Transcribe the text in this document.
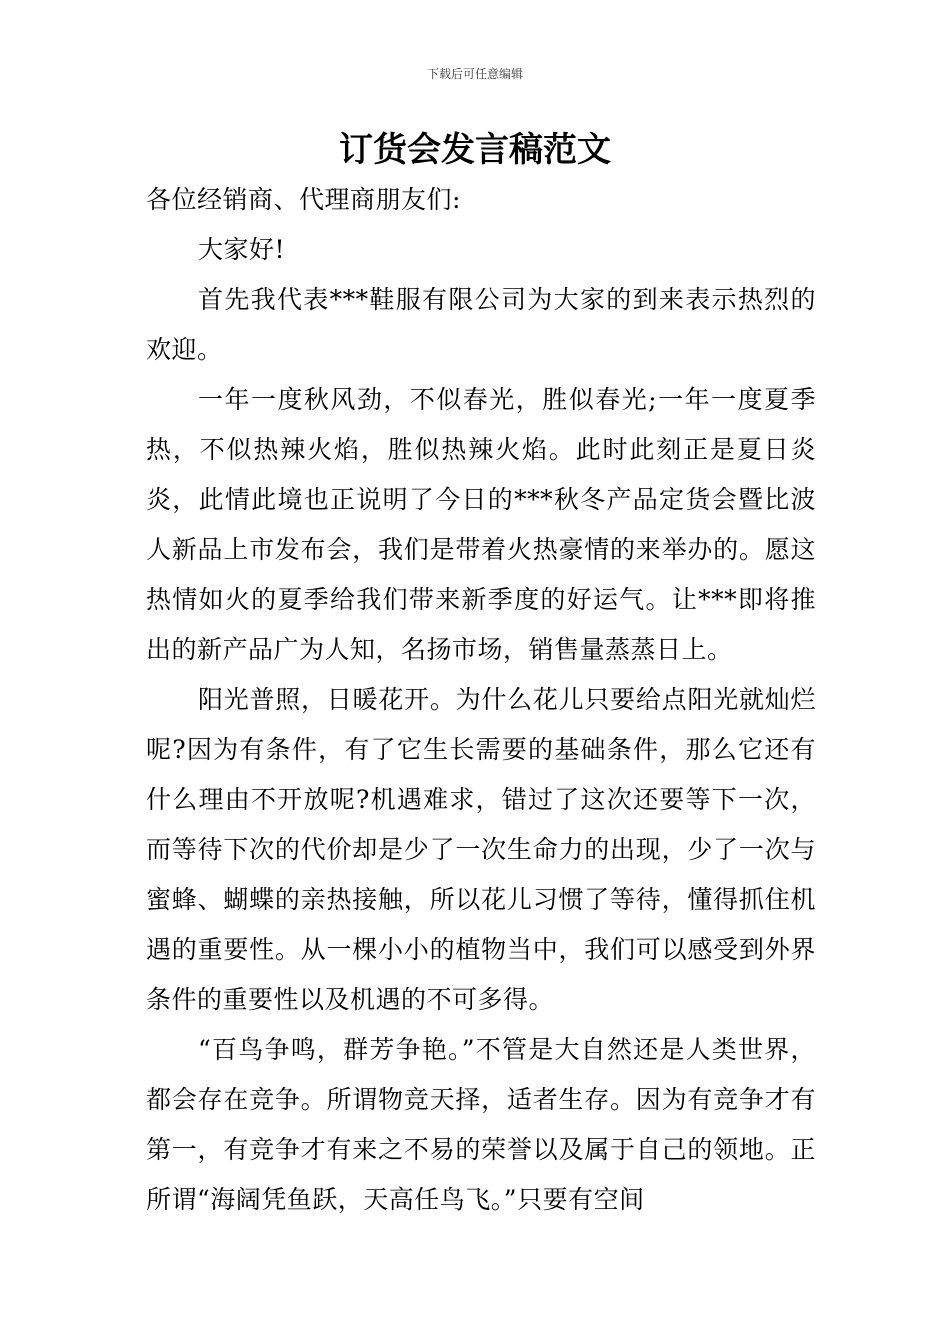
下载后可任意编辑
订货会发言稿范文

各位经销商、代理商朋友们:

大家好!

首先我代表***鞋服有限公司为大家的到来表示热烈的欢迎。

一年一度秋风劲，不似春光，胜似春光;一年一度夏季热，不似热辣火焰，胜似热辣火焰。此时此刻正是夏日炎炎，此情此境也正说明了今日的***秋冬产品定货会暨比波人新品上市发布会，我们是带着火热豪情的来举办的。愿这热情如火的夏季给我们带来新季度的好运气。让***即将推出的新产品广为人知，名扬市场，销售量蒸蒸日上。

阳光普照，日暖花开。为什么花儿只要给点阳光就灿烂呢?因为有条件，有了它生长需要的基础条件，那么它还有什么理由不开放呢?机遇难求，错过了这次还要等下一次，而等待下次的代价却是少了一次生命力的出现，少了一次与蜜蜂、蝴蝶的亲热接触，所以花儿习惯了等待，懂得抓住机遇的重要性。从一棵小小的植物当中，我们可以感受到外界条件的重要性以及机遇的不可多得。

“百鸟争鸣，群芳争艳。”不管是大自然还是人类世界，都会存在竞争。所谓物竞天择，适者生存。因为有竞争才有第一，有竞争才有来之不易的荣誉以及属于自己的领地。正所谓“海阔凭鱼跃，天高任鸟飞。”只要有空间
